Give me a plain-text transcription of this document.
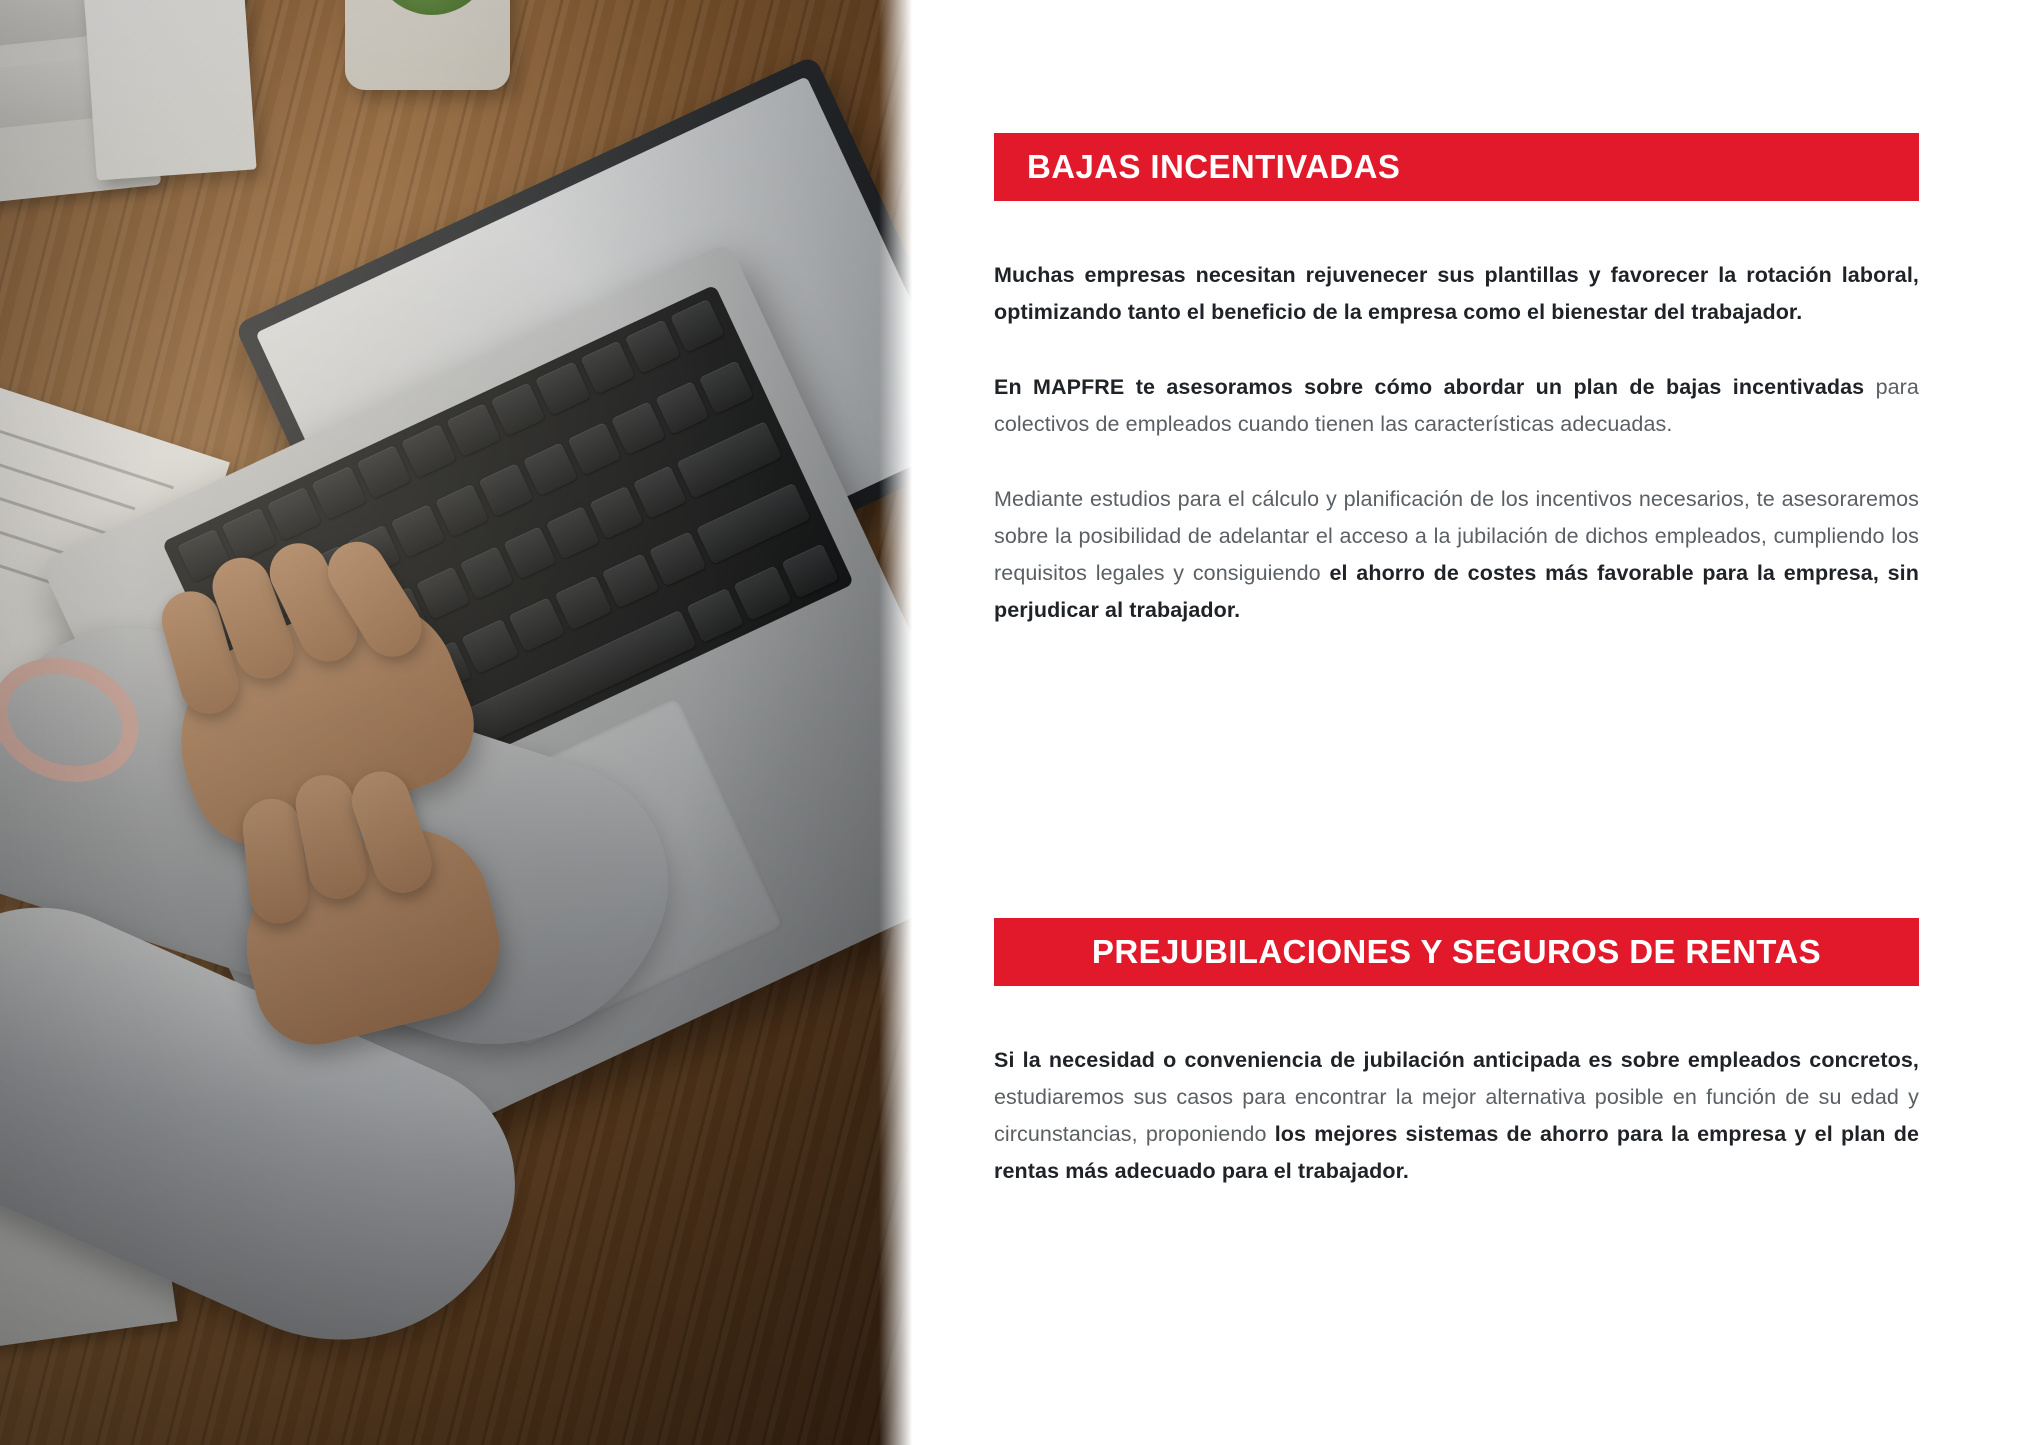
BAJAS INCENTIVADAS

Muchas empresas necesitan rejuvenecer sus plantillas y favorecer la rotación laboral, optimizando tanto el beneficio de la empresa como el bienestar del trabajador.

En MAPFRE te asesoramos sobre cómo abordar un plan de bajas incentivadas para colectivos de empleados cuando tienen las características adecuadas.

Mediante estudios para el cálculo y planificación de los incentivos necesarios, te asesoraremos sobre la posibilidad de adelantar el acceso a la jubilación de dichos empleados, cumpliendo los requisitos legales y consiguiendo el ahorro de costes más favorable para la empresa, sin perjudicar al trabajador.

PREJUBILACIONES Y SEGUROS DE RENTAS

Si la necesidad o conveniencia de jubilación anticipada es sobre empleados concretos, estudiaremos sus casos para encontrar la mejor alternativa posible en función de su edad y circunstancias, proponiendo los mejores sistemas de ahorro para la empresa y el plan de rentas más adecuado para el trabajador.
